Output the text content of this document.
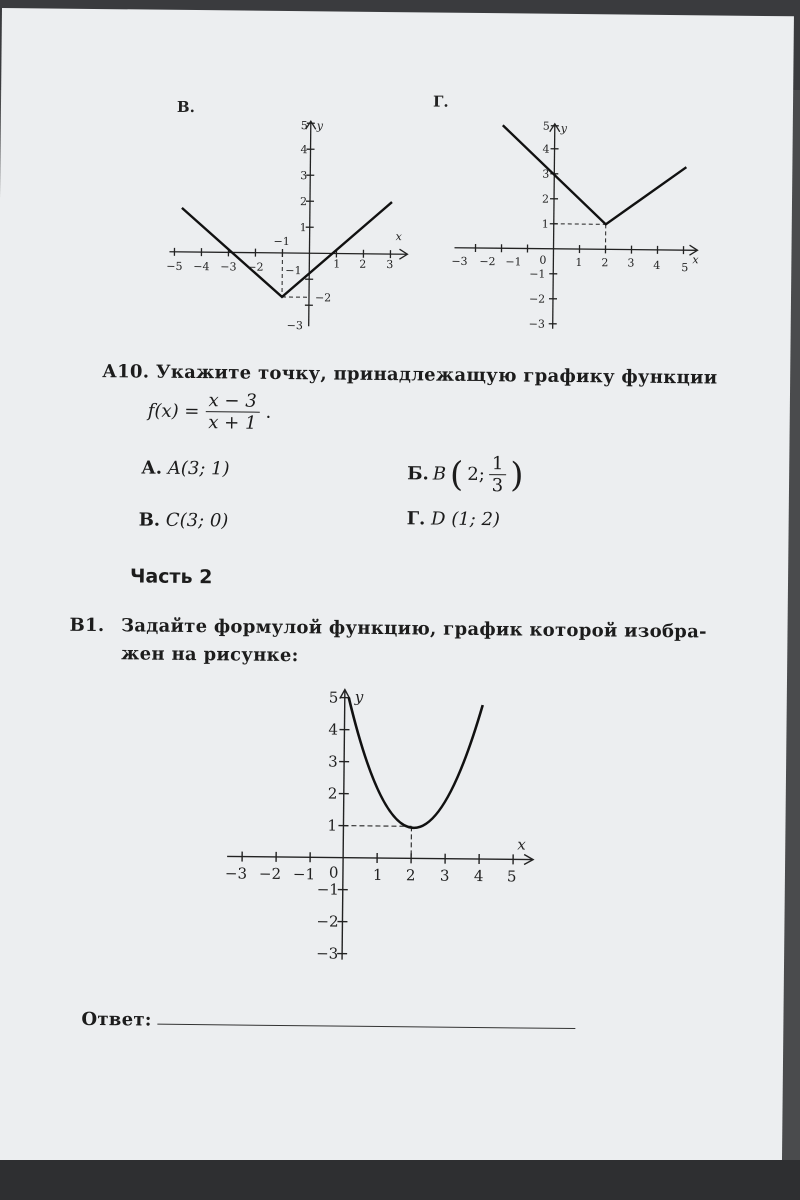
В.
−5 −4 −3 −2	1 2 3
−1
−1
1
2
3
4
5
−2
−3
x
y
Г.
−3 −2 −1 0	1 2 3 4 5
1
2
3
4
5
−1
−2
−3
x
y
А10. Укажите точку, принадлежащую графику функции
$f(x) = \frac{x - 3}{x + 1}$ .
А. A(3; 1)	Б. B ( 2; $\frac{1}{3}$ )
В. C(3; 0)	Г. D (1; 2)
Часть 2
В1. Задайте формулой функцию, график которой изобра-
жен на рисунке:
−3 −2 −1 0 1 2 3 4 5
1
2
3
4
5
−1
−2
−3
x
y
Ответ:
